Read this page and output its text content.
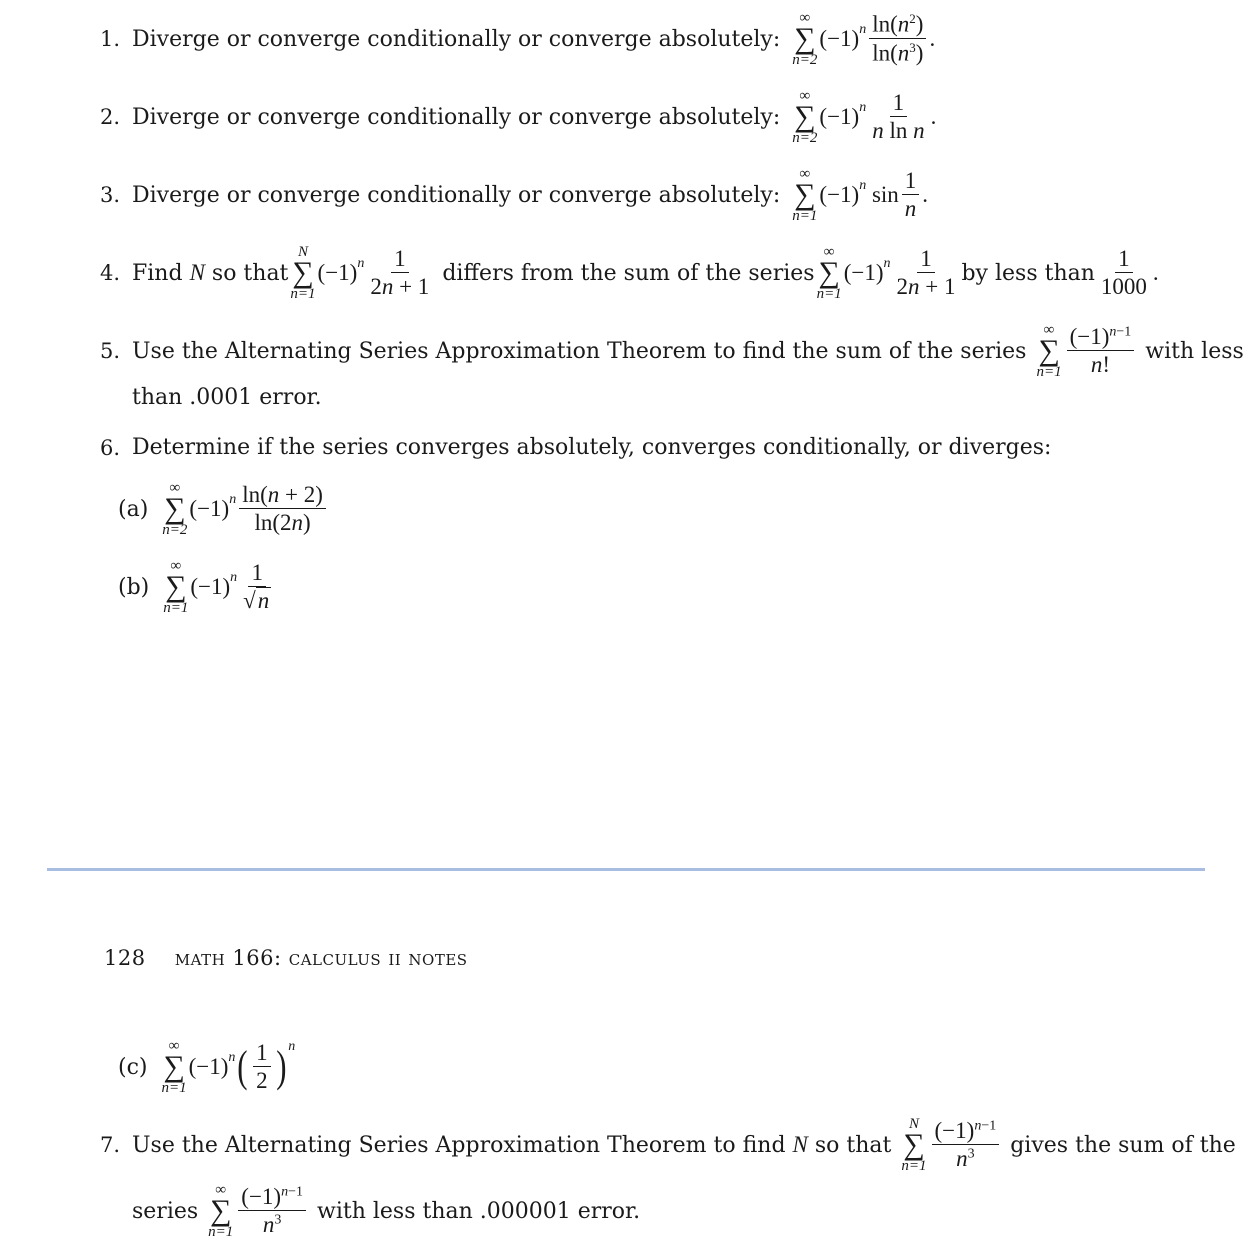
1. Diverge or converge conditionally or converge absolutely:
∞
∑
n=2
(−1) n $\frac{\ln(n^2)}{\ln(n^3)}$ .
2. Diverge or converge conditionally or converge absolutely:
∞
∑
n=2
(−1) n $\frac{1}{\text{n ln n}}$ .
3. Diverge or converge conditionally or converge absolutely:
∞
∑
n=1
(−1) n $\sin \frac{1}{n}$ .
4. Find
N
so that
N
∑
n=1
(−1) n $\frac{1}{2n + 1}$
differs from the sum of the series
∞
∑
n=1
(−1) n $\frac{1}{2n + 1}$ by less than $\frac{1}{1000}$ .
5. Use the Alternating Series Approximation Theorem to find the sum of the series
∞
∑
$n=1 \frac{(-1)^{n-1}}{n!}$ with less
than .0001 error.
6. Determine if the series converges absolutely, converges conditionally, or diverges:
(a)
∞
∑
n=2
(−1) n $\frac{\ln(n + 2)}{\ln(2n)}$
(b)
∞
∑
n=1
(−1) n $\frac{1}{√n}$
128 math 166: calculus ii notes
(c)
∞
∑
n=1
(−1) n ( $\frac{1}{2}$ ) n
7. Use the Alternating Series Approximation Theorem to find
N
so that
N
∑
$n=1 \frac{(-1)^{n-1}}{n^3}$ gives the sum of the
series
∞
∑
$n=1 \frac{(-1)^{n-1}}{n^3}$ with less than .000001 error.
